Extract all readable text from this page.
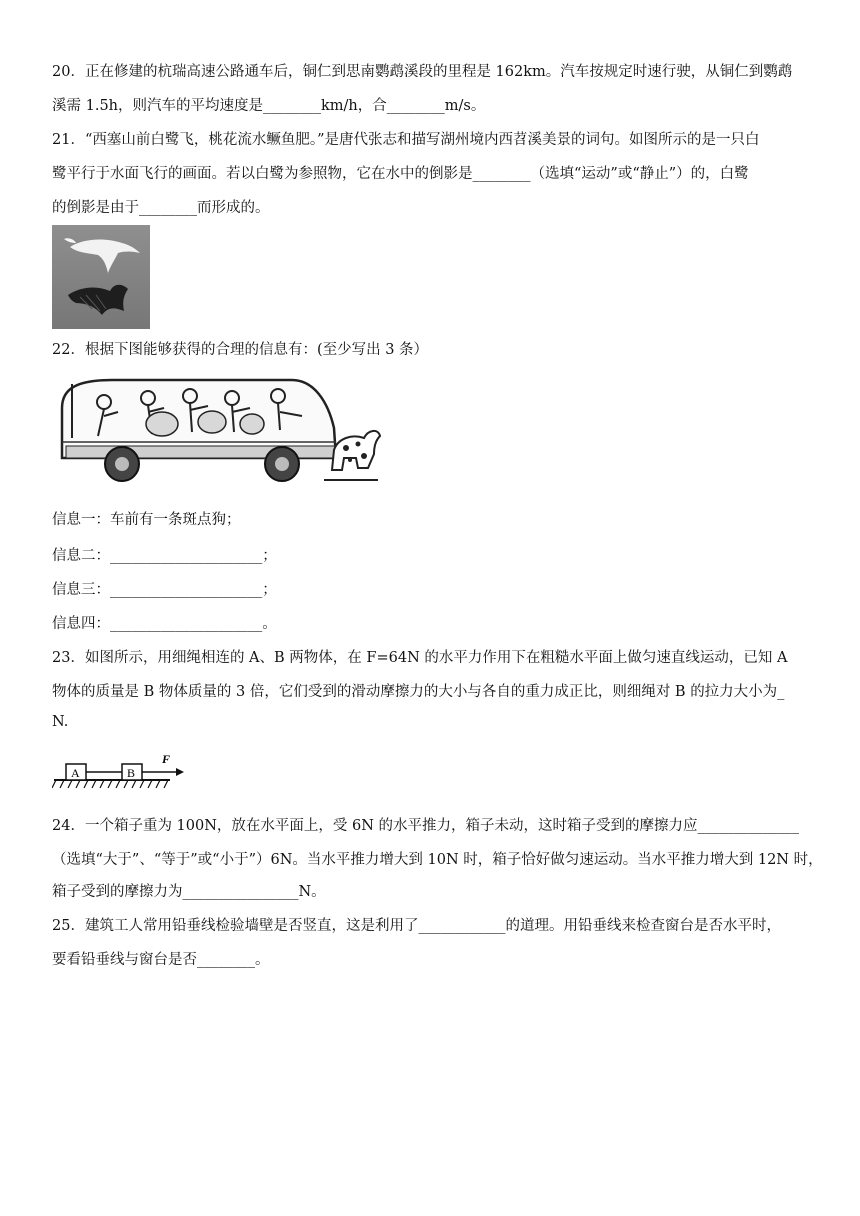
20．正在修建的杭瑞高速公路通车后，铜仁到思南鹦鹉溪段的里程是 162km。汽车按规定时速行驶，从铜仁到鹦鹉
溪需 1.5h，则汽车的平均速度是________km/h，合________m/s。
21．“西塞山前白鹭飞，桃花流水鳜鱼肥。”是唐代张志和描写湖州境内西苕溪美景的词句。如图所示的是一只白
鹭平行于水面飞行的画面。若以白鹭为参照物，它在水中的倒影是________（选填“运动”或“静止”）的，白鹭
的倒影是由于________而形成的。
22．根据下图能够获得的合理的信息有：(至少写出 3 条）
信息一：车前有一条斑点狗；
信息二：_____________________；
信息三：_____________________；
信息四：_____________________。
23．如图所示，用细绳相连的 A、B 两物体，在 F=64N 的水平力作用下在粗糙水平面上做匀速直线运动，已知 A
物体的质量是 B 物体质量的 3 倍，它们受到的滑动摩擦力的大小与各自的重力成正比，则细绳对 B 的拉力大小为_
N.
A	B
F
24．一个箱子重为 100N，放在水平面上，受 6N 的水平推力，箱子未动，这时箱子受到的摩擦力应______________
（选填“大于”、“等于”或“小于”）6N。当水平推力增大到 10N 时，箱子恰好做匀速运动。当水平推力增大到 12N 时，
箱子受到的摩擦力为________________N。
25．建筑工人常用铅垂线检验墙壁是否竖直，这是利用了____________的道理。用铅垂线来检查窗台是否水平时，
要看铅垂线与窗台是否________。
